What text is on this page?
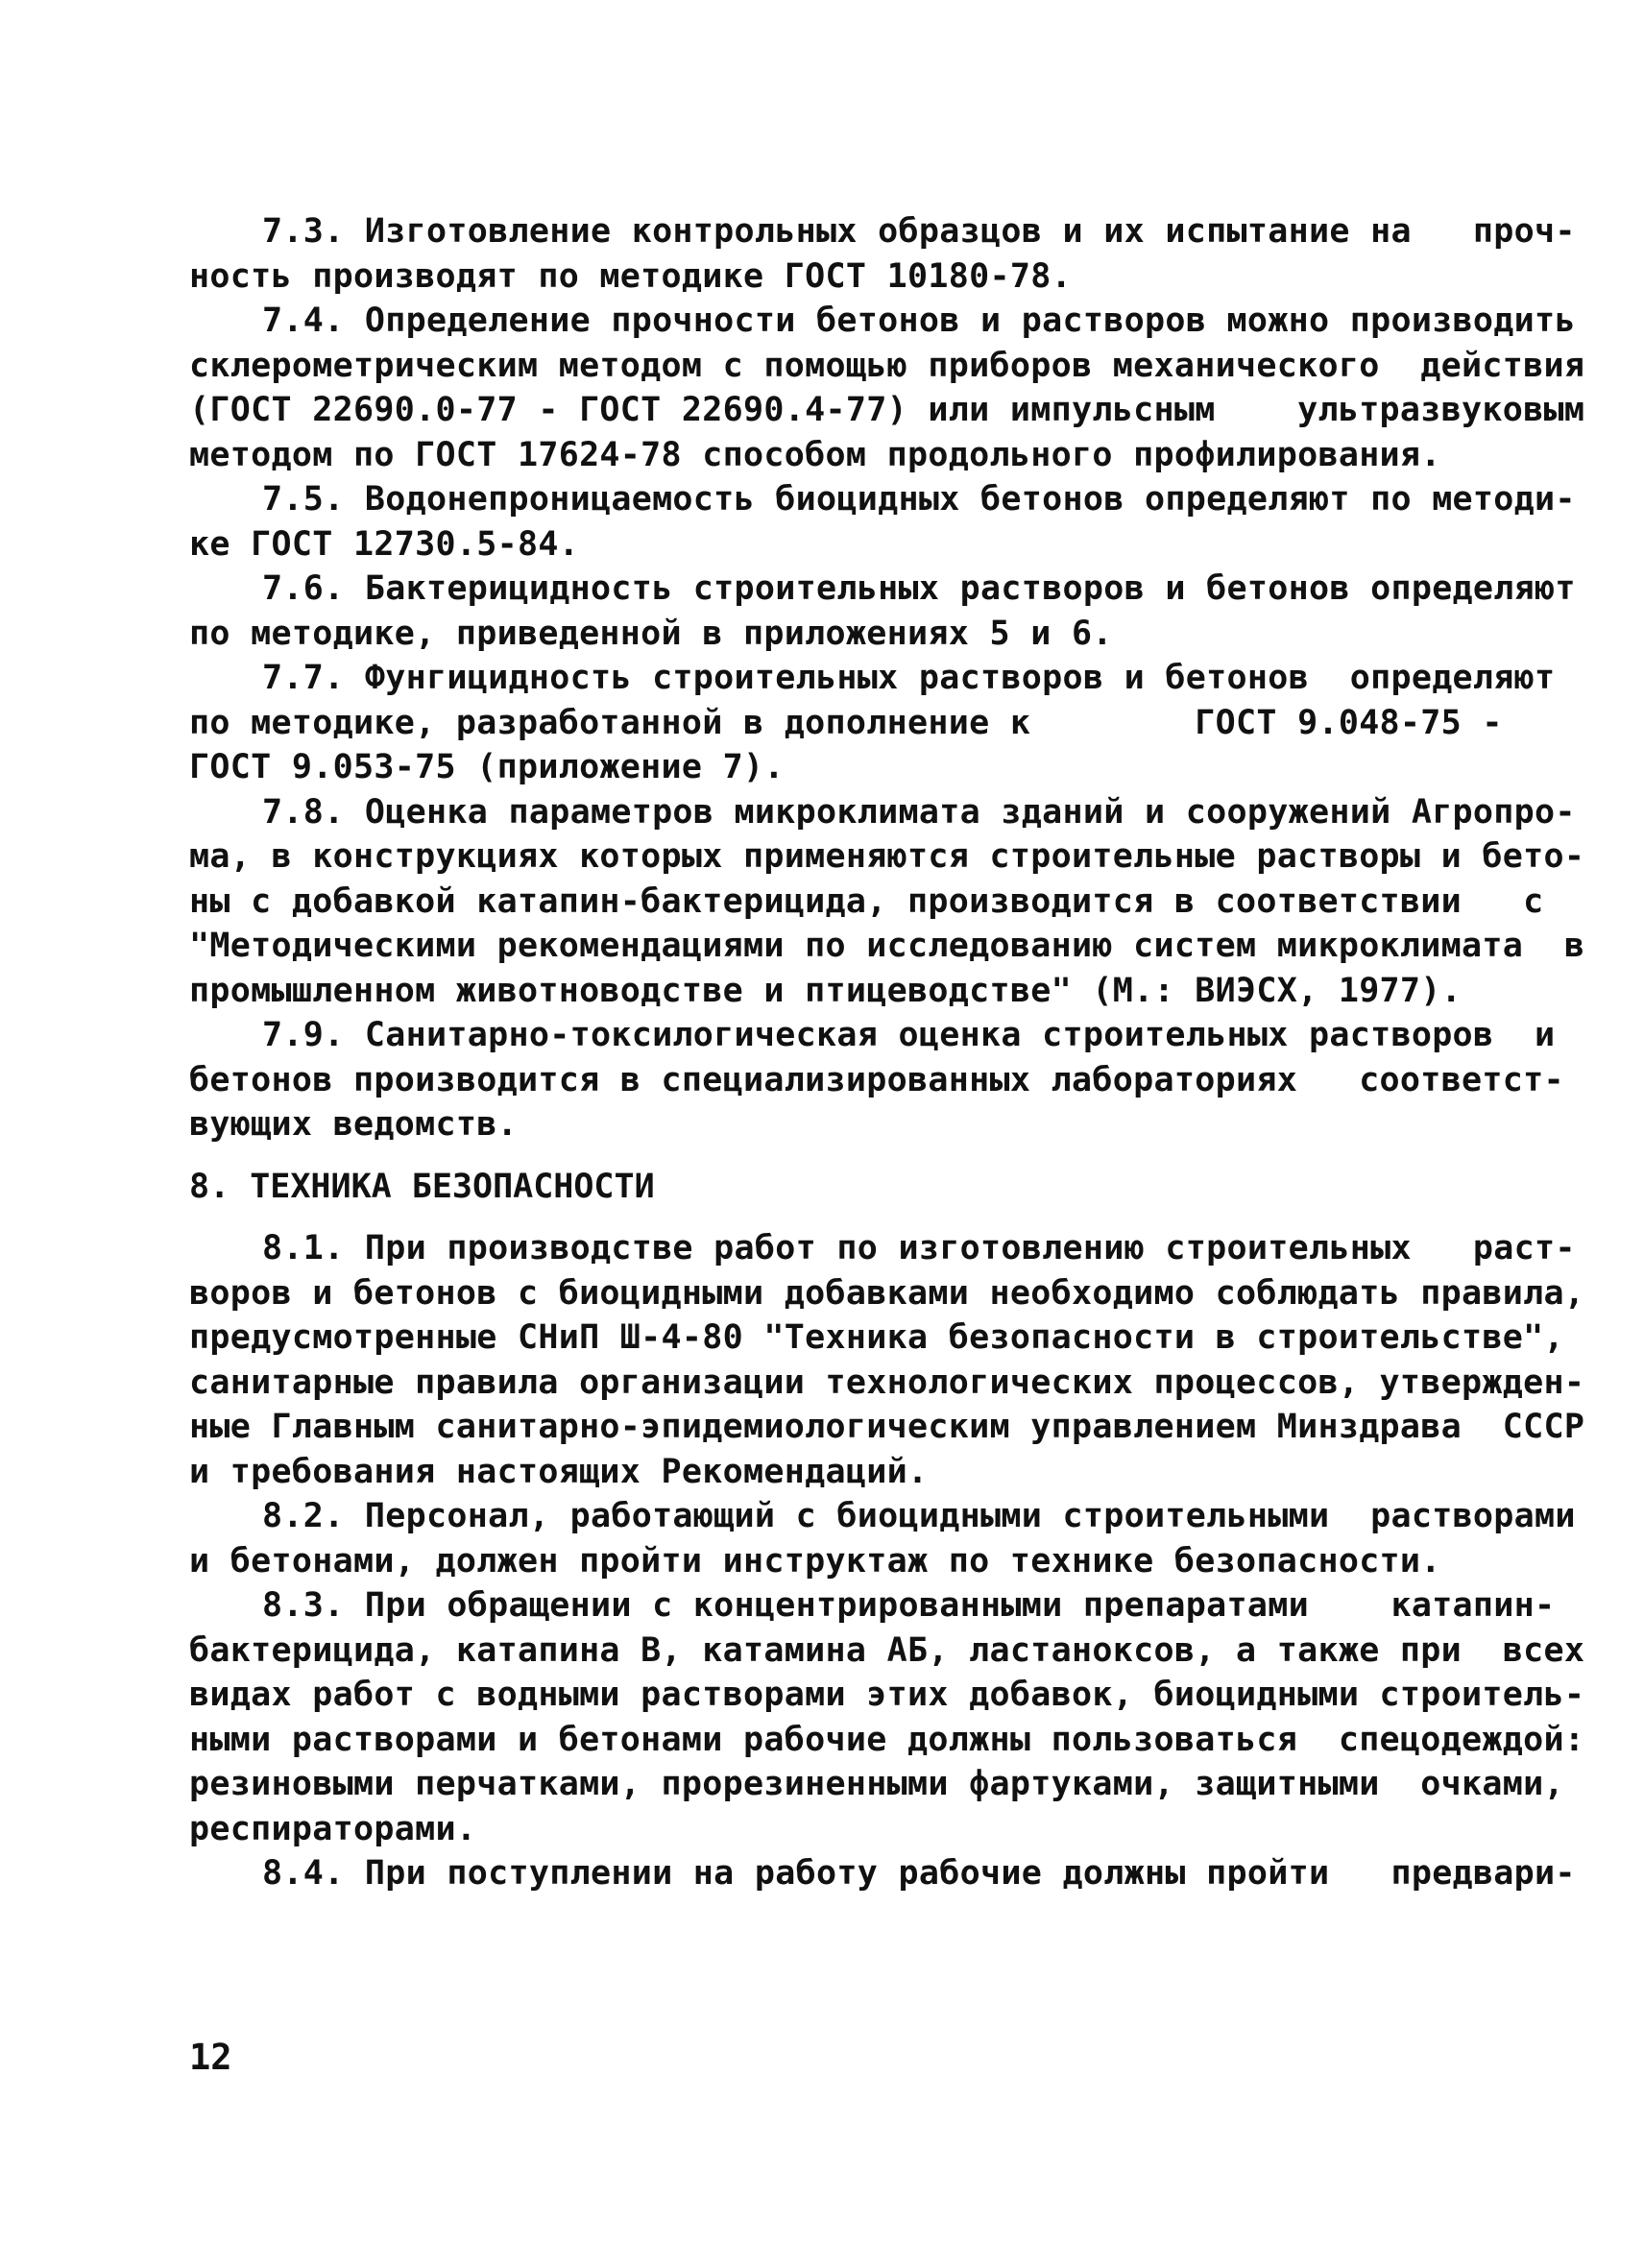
7.3. Изготовление контрольных образцов и их испытание на   проч-
ность производят по методике ГОСТ 10180-78.
7.4. Определение прочности бетонов и растворов можно производить
склерометрическим методом с помощью приборов механического  действия
(ГОСТ 22690.0-77 - ГОСТ 22690.4-77) или импульсным    ультразвуковым
методом по ГОСТ 17624-78 способом продольного профилирования.
7.5. Водонепроницаемость биоцидных бетонов определяют по методи-
ке ГОСТ 12730.5-84.
7.6. Бактерицидность строительных растворов и бетонов определяют
по методике, приведенной в приложениях 5 и 6.
7.7. Фунгицидность строительных растворов и бетонов  определяют
по методике, разработанной в дополнение к        ГОСТ 9.048-75 -
ГОСТ 9.053-75 (приложение 7).
7.8. Оценка параметров микроклимата зданий и сооружений Агропро-
ма, в конструкциях которых применяются строительные растворы и бето-
ны с добавкой катапин-бактерицида, производится в соответствии   с
"Методическими рекомендациями по исследованию систем микроклимата  в
промышленном животноводстве и птицеводстве" (М.: ВИЭСХ, 1977).
7.9. Санитарно-токсилогическая оценка строительных растворов  и
бетонов производится в специализированных лабораториях   соответст-
вующих ведомств.
8. ТЕХНИКА БЕЗОПАСНОСТИ
8.1. При производстве работ по изготовлению строительных   раст-
воров и бетонов с биоцидными добавками необходимо соблюдать правила,
предусмотренные СНиП Ш-4-80 "Техника безопасности в строительстве",
санитарные правила организации технологических процессов, утвержден-
ные Главным санитарно-эпидемиологическим управлением Минздрава  СССР
и требования настоящих Рекомендаций.
8.2. Персонал, работающий с биоцидными строительными  растворами
и бетонами, должен пройти инструктаж по технике безопасности.
8.3. При обращении с концентрированными препаратами    катапин-
бактерицида, катапина В, катамина АБ, ластаноксов, а также при  всех
видах работ с водными растворами этих добавок, биоцидными строитель-
ными растворами и бетонами рабочие должны пользоваться  спецодеждой:
резиновыми перчатками, прорезиненными фартуками, защитными  очками,
респираторами.
8.4. При поступлении на работу рабочие должны пройти   предвари-
12
